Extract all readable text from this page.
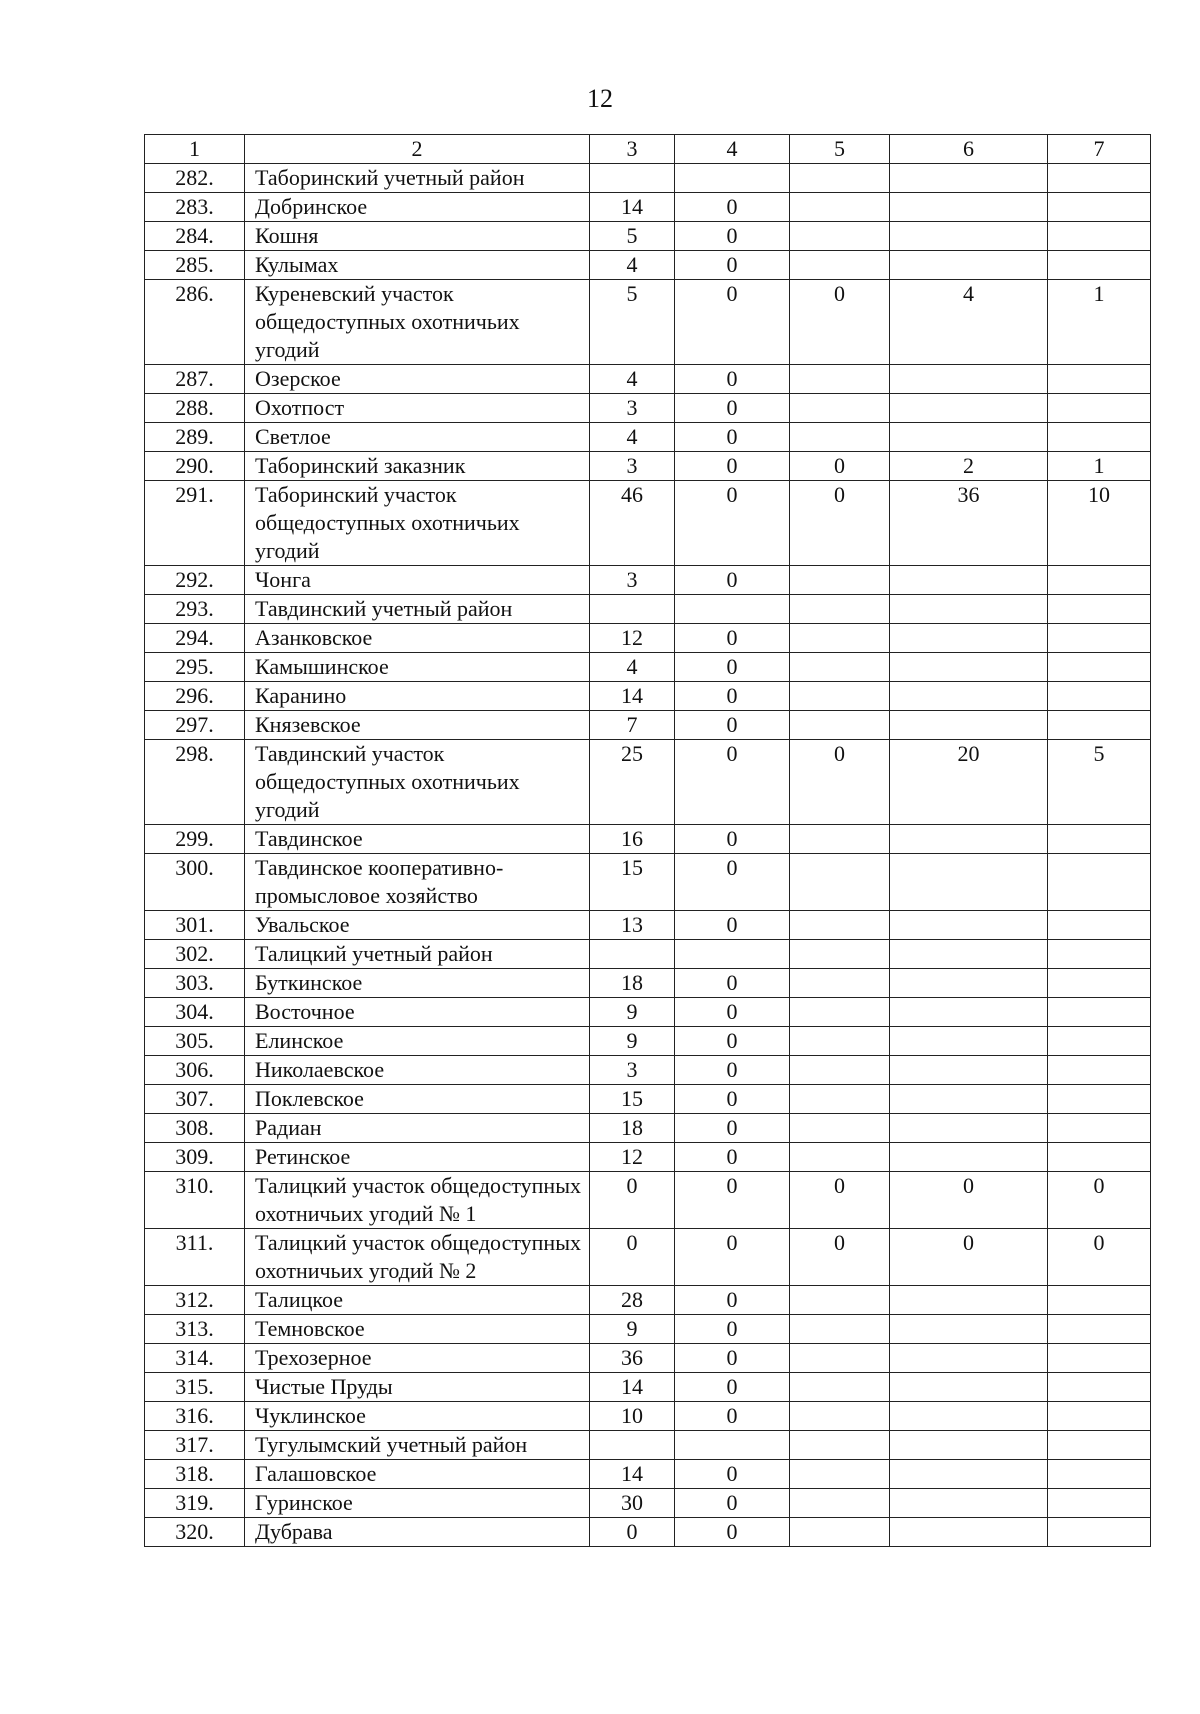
12
1	2	3	4	5	6	7
282.	Таборинский учетный район					
283.	Добринское	14	0			
284.	Кошня	5	0			
285.	Кулымах	4	0			
286.	Куреневский участок общедоступных охотничьих угодий	5	0	0	4	1
287.	Озерское	4	0			
288.	Охотпост	3	0			
289.	Светлое	4	0			
290.	Таборинский заказник	3	0	0	2	1
291.	Таборинский участок общедоступных охотничьих угодий	46	0	0	36	10
292.	Чонга	3	0			
293.	Тавдинский учетный район					
294.	Азанковское	12	0			
295.	Камышинское	4	0			
296.	Каранино	14	0			
297.	Князевское	7	0			
298.	Тавдинский участок общедоступных охотничьих угодий	25	0	0	20	5
299.	Тавдинское	16	0			
300.	Тавдинское кооперативно-промысловое хозяйство	15	0			
301.	Увальское	13	0			
302.	Талицкий учетный район					
303.	Буткинское	18	0			
304.	Восточное	9	0			
305.	Елинское	9	0			
306.	Николаевское	3	0			
307.	Поклевское	15	0			
308.	Радиан	18	0			
309.	Ретинское	12	0			
310.	Талицкий участок общедоступных охотничьих угодий № 1	0	0	0	0	0
311.	Талицкий участок общедоступных охотничьих угодий № 2	0	0	0	0	0
312.	Талицкое	28	0			
313.	Темновское	9	0			
314.	Трехозерное	36	0			
315.	Чистые Пруды	14	0			
316.	Чуклинское	10	0			
317.	Тугулымский учетный район					
318.	Галашовское	14	0			
319.	Гуринское	30	0			
320.	Дубрава	0	0			
